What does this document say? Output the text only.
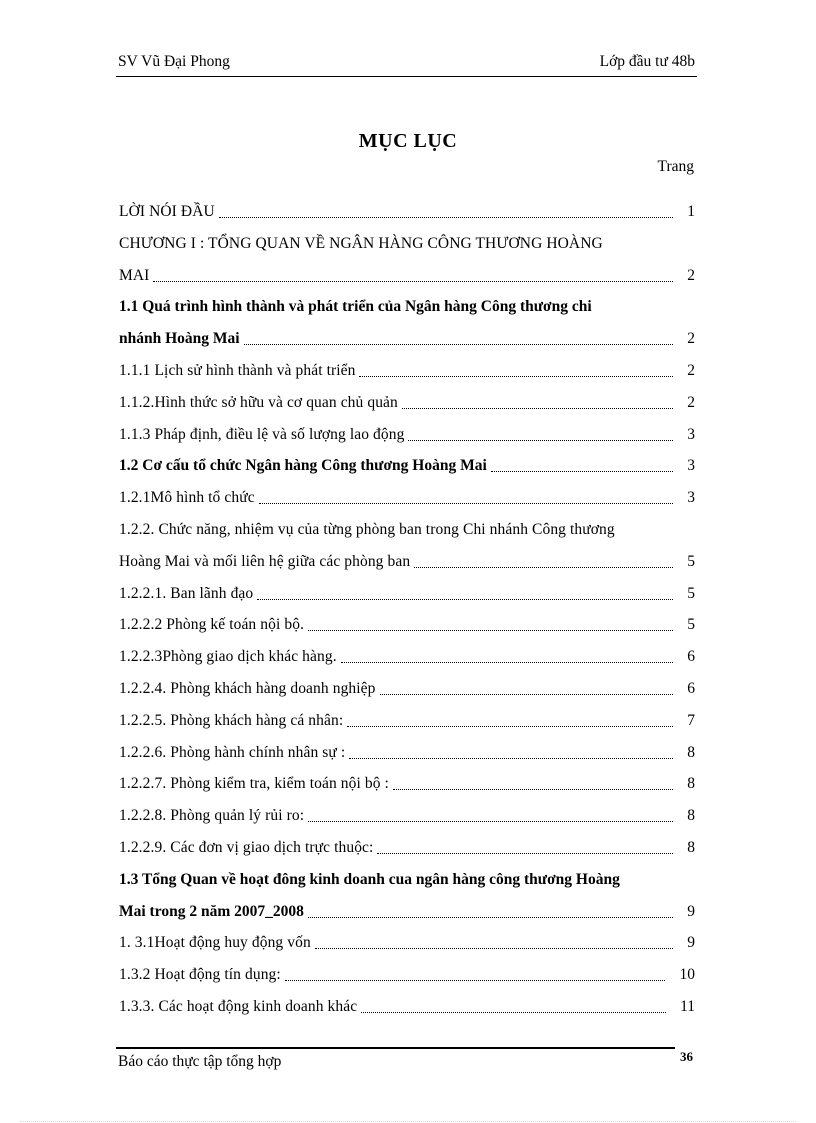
SV Vũ Đại Phong	Lớp đầu tư 48b
MỤC LỤC
Trang
LỜI NÓI ĐẦU	1
CHƯƠNG I : TỔNG QUAN VỀ NGÂN HÀNG CÔNG THƯƠNG HOÀNG
MAI	2
1.1 Quá trình hình thành và phát triển của Ngân hàng Công thương chi
nhánh Hoàng Mai	2
1.1.1 Lịch sử hình thành và phát triển	2
1.1.2.Hình thức sở hữu và cơ quan chủ quản	2
1.1.3 Pháp định, điều lệ và số lượng lao động	3
1.2 Cơ cấu tổ chức Ngân hàng Công thương Hoàng Mai	3
1.2.1Mô hình tổ chức	3
1.2.2. Chức năng, nhiệm vụ của từng phòng ban trong Chi nhánh Công thương
Hoàng Mai và mối liên hệ giữa các phòng ban	5
1.2.2.1. Ban lãnh đạo	5
1.2.2.2 Phòng kế toán nội bộ.	5
1.2.2.3Phòng giao dịch khác hàng.	6
1.2.2.4. Phòng khách hàng doanh nghiệp	6
1.2.2.5. Phòng khách hàng cá nhân:	7
1.2.2.6. Phòng hành chính nhân sự :	8
1.2.2.7. Phòng kiểm tra, kiểm toán nội bộ :	8
1.2.2.8. Phòng quản lý rủi ro:	8
1.2.2.9. Các đơn vị giao dịch trực thuộc:	8
1.3 Tổng Quan về hoạt đông kinh doanh cua ngân hàng công thương Hoàng
Mai trong 2 năm 2007_2008	9
1. 3.1Hoạt động huy động vốn	9
1.3.2 Hoạt động tín dụng:	10
1.3.3. Các hoạt động kinh doanh khác	11
Báo cáo thực tập tổng hợp	36
